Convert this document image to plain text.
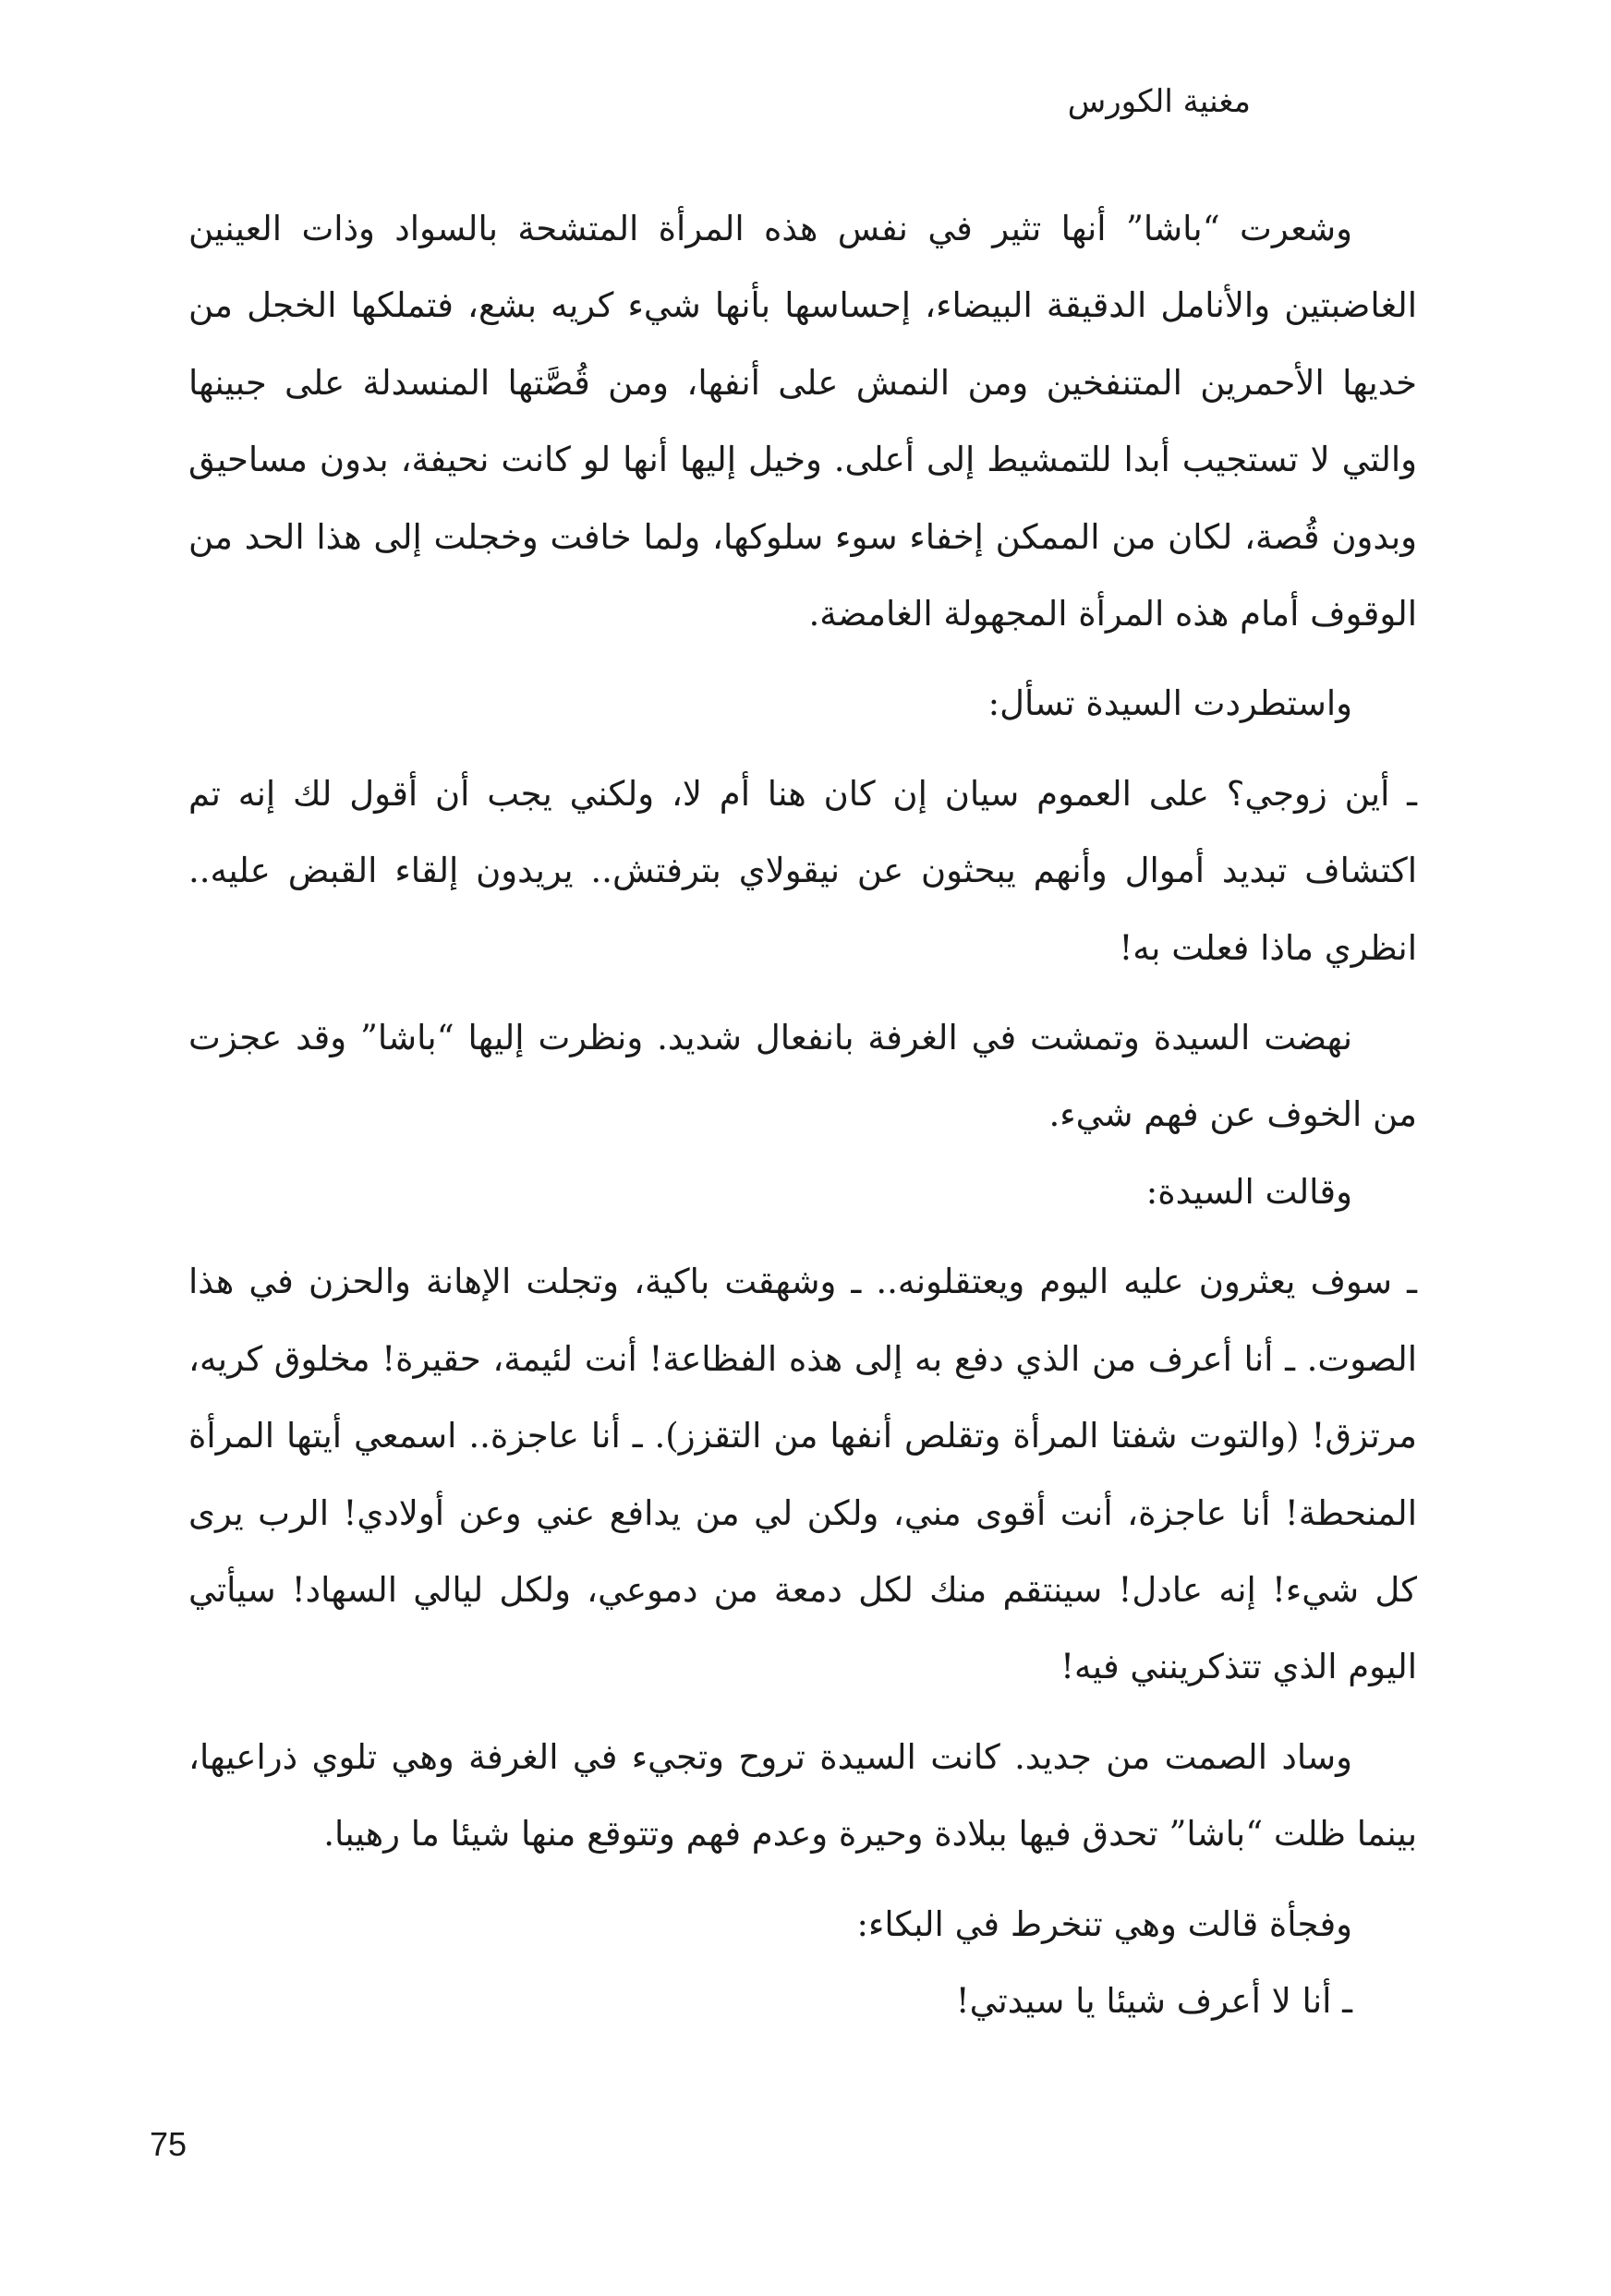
مغنية الكورس

وشعرت “باشا” أنها تثير في نفس هذه المرأة المتشحة بالسواد وذات العينين الغاضبتين والأنامل الدقيقة البيضاء، إحساسها بأنها شيء كريه بشع، فتملكها الخجل من خديها الأحمرين المتنفخين ومن النمش على أنفها، ومن قُصَّتها المنسدلة على جبينها والتي لا تستجيب أبدا للتمشيط إلى أعلى. وخيل إليها أنها لو كانت نحيفة، بدون مساحيق وبدون قُصة، لكان من الممكن إخفاء سوء سلوكها، ولما خافت وخجلت إلى هذا الحد من الوقوف أمام هذه المرأة المجهولة الغامضة.

واستطردت السيدة تسأل:

ـ أين زوجي؟ على العموم سيان إن كان هنا أم لا، ولكني يجب أن أقول لك إنه تم اكتشاف تبديد أموال وأنهم يبحثون عن نيقولاي بترفتش.. يريدون إلقاء القبض عليه.. انظري ماذا فعلت به!

نهضت السيدة وتمشت في الغرفة بانفعال شديد. ونظرت إليها “باشا” وقد عجزت من الخوف عن فهم شيء.

وقالت السيدة:

ـ سوف يعثرون عليه اليوم ويعتقلونه.. ـ وشهقت باكية، وتجلت الإهانة والحزن في هذا الصوت. ـ أنا أعرف من الذي دفع به إلى هذه الفظاعة! أنت لئيمة، حقيرة! مخلوق كريه، مرتزق! (والتوت شفتا المرأة وتقلص أنفها من التقزز). ـ أنا عاجزة.. اسمعي أيتها المرأة المنحطة! أنا عاجزة، أنت أقوى مني، ولكن لي من يدافع عني وعن أولادي! الرب يرى كل شيء! إنه عادل! سينتقم منك لكل دمعة من دموعي، ولكل ليالي السهاد! سيأتي اليوم الذي تتذكرينني فيه!

وساد الصمت من جديد. كانت السيدة تروح وتجيء في الغرفة وهي تلوي ذراعيها، بينما ظلت “باشا” تحدق فيها ببلادة وحيرة وعدم فهم وتتوقع منها شيئا ما رهيبا.

وفجأة قالت وهي تنخرط في البكاء:

ـ أنا لا أعرف شيئا يا سيدتي!

75
